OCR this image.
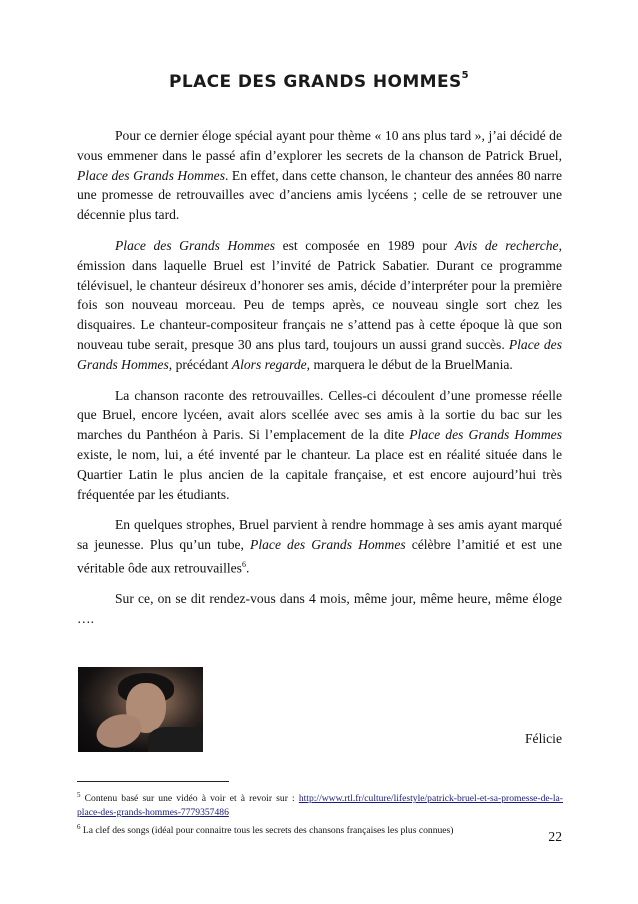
PLACE DES GRANDS HOMMES$^5$

Pour ce dernier éloge spécial ayant pour thème « 10 ans plus tard », j’ai décidé de vous emmener dans le passé afin d’explorer les secrets de la chanson de Patrick Bruel, Place des Grands Hommes. En effet, dans cette chanson, le chanteur des années 80 narre une promesse de retrouvailles avec d’anciens amis lycéens ; celle de se retrouver une décennie plus tard.

Place des Grands Hommes est composée en 1989 pour Avis de recherche, émission dans laquelle Bruel est l’invité de Patrick Sabatier. Durant ce programme télévisuel, le chanteur désireux d’honorer ses amis, décide d’interpréter pour la première fois son nouveau morceau. Peu de temps après, ce nouveau single sort chez les disquaires. Le chanteur-compositeur français ne s’attend pas à cette époque là que son nouveau tube serait, presque 30 ans plus tard, toujours un aussi grand succès. Place des Grands Hommes, précédant Alors regarde, marquera le début de la BruelMania.

La chanson raconte des retrouvailles. Celles-ci découlent d’une promesse réelle que Bruel, encore lycéen, avait alors scellée avec ses amis à la sortie du bac sur les marches du Panthéon à Paris. Si l’emplacement de la dite Place des Grands Hommes existe, le nom, lui, a été inventé par le chanteur. La place est en réalité située dans le Quartier Latin le plus ancien de la capitale française, et est encore aujourd’hui très fréquentée par les étudiants.

En quelques strophes, Bruel parvient à rendre hommage à ses amis ayant marqué sa jeunesse. Plus qu’un tube, Place des Grands Hommes célèbre l’amitié et est une véritable ôde aux retrouvailles$^6$.

Sur ce, on se dit rendez-vous dans 4 mois, même jour, même heure, même éloge ….

Félicie

$^5$ Contenu basé sur une vidéo à voir et à revoir sur : http://www.rtl.fr/culture/lifestyle/patrick-bruel-et-sa-promesse-de-la-place-des-grands-hommes-7779357486

$^6$ La clef des songs (idéal pour connaitre tous les secrets des chansons françaises les plus connues)	22
